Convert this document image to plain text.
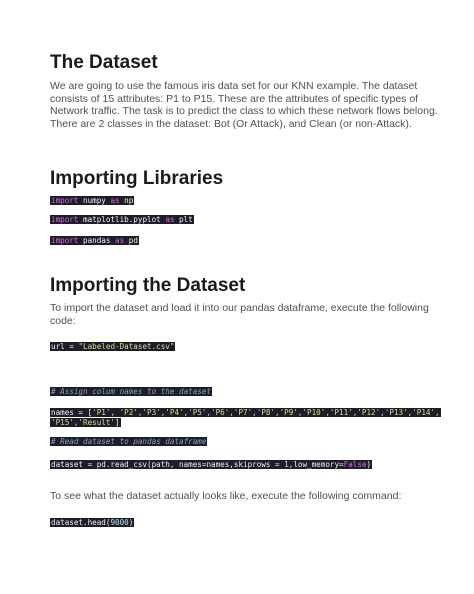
The Dataset

We are going to use the famous iris data set for our KNN example. The dataset consists of 15 attributes: P1 to P15. These are the attributes of specific types of Network traffic. The task is to predict the class to which these network flows belong. There are 2 classes in the dataset: Bot (Or Attack), and Clean (or non-Attack).

Importing Libraries
import numpy as np
import matplotlib.pyplot as plt
import pandas as pd
Importing the Dataset

To import the dataset and load it into our pandas dataframe, execute the following code:

url = "Labeled-Dataset.csv"
# Assign colum names to the dataset
names = ['P1', 'P2','P3','P4','P5','P6','P7','P8','P9','P10','P11','P12','P13','P14',
'P15','Result']
# Read dataset to pandas dataframe
dataset = pd.read_csv(path, names=names,skiprows = 1,low_memory=False)

To see what the dataset actually looks like, execute the following command:

dataset.head(9000)
